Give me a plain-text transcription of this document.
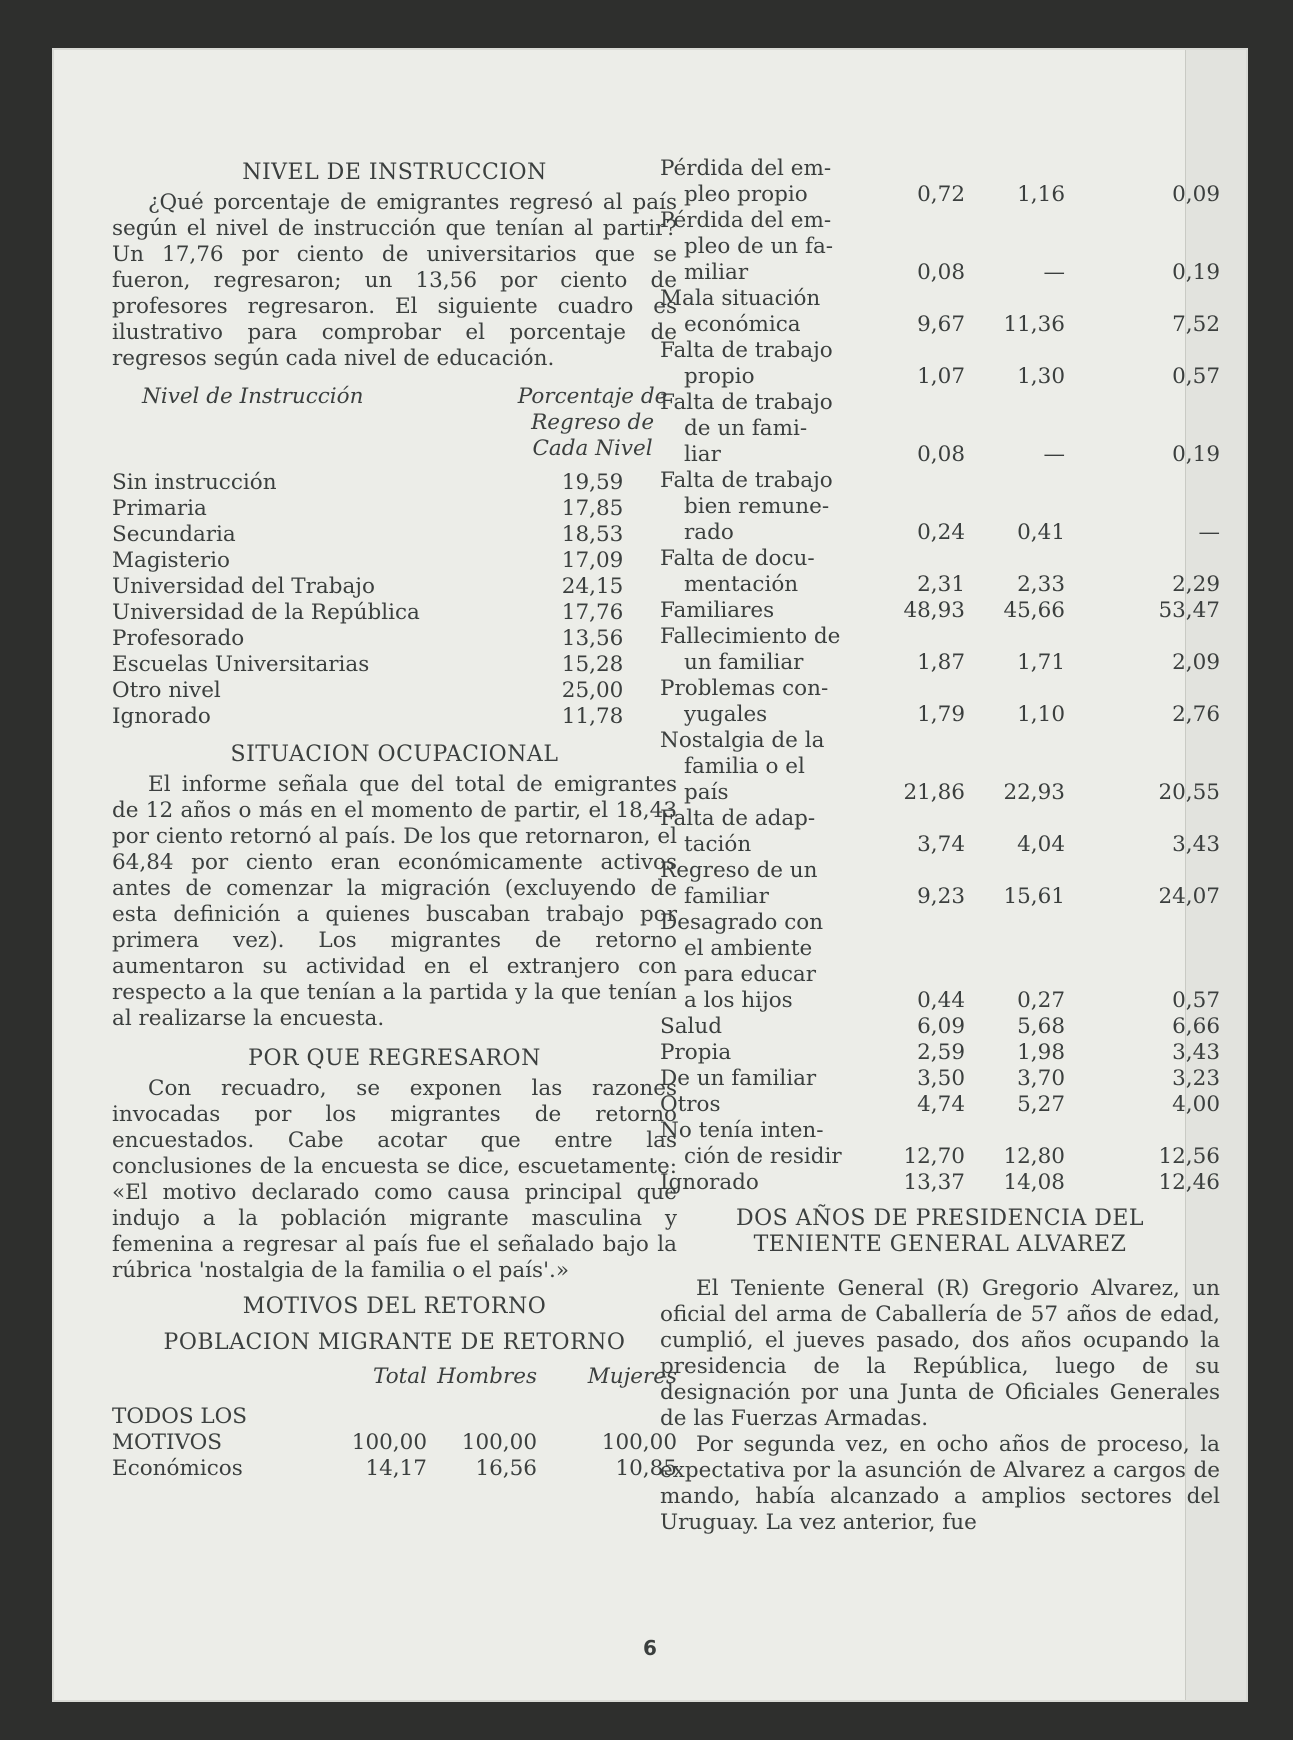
NIVEL DE INSTRUCCION

¿Qué porcentaje de emigrantes regresó al país según el nivel de instrucción que tenían al partir? Un 17,76 por ciento de universitarios que se fueron, regresaron; un 13,56 por ciento de profesores regresaron. El siguiente cuadro es ilustrativo para comprobar el porcentaje de regresos según cada nivel de educación.

Nivel de Instrucción	Porcentaje de
Regreso de
Cada Nivel

Sin instrucción	19,59
Primaria	17,85
Secundaria	18,53
Magisterio	17,09
Universidad del Trabajo	24,15
Universidad de la República	17,76
Profesorado	13,56
Escuelas Universitarias	15,28
Otro nivel	25,00
Ignorado	11,78
SITUACION OCUPACIONAL

El informe señala que del total de emigrantes de 12 años o más en el momento de partir, el 18,43 por ciento retornó al país. De los que retornaron, el 64,84 por ciento eran económicamente activos antes de comenzar la migración (excluyendo de esta definición a quienes buscaban trabajo por primera vez). Los migrantes de retorno aumentaron su actividad en el extranjero con respecto a la que tenían a la partida y la que tenían al realizarse la encuesta.

POR QUE REGRESARON

Con recuadro, se exponen las razones invocadas por los migrantes de retorno encuestados. Cabe acotar que entre las conclusiones de la encuesta se dice, escuetamente: «El motivo declarado como causa principal que indujo a la población migrante masculina y femenina a regresar al país fue el señalado bajo la rúbrica 'nostalgia de la familia o el país'.»

MOTIVOS DEL RETORNO
POBLACION MIGRANTE DE RETORNO
	Total	Hombres	Mujeres

TODOS LOS
MOTIVOS	100,00	100,00	100,00

Económicos	14,17	16,56	10,85
Pérdida del em-
pleo propio	0,72	1,16	0,09

Pérdida del em-
pleo de un fa-
miliar	0,08	—	0,19

Mala situación
económica	9,67	11,36	7,52

Falta de trabajo
propio	1,07	1,30	0,57

Falta de trabajo
de un fami-
liar	0,08	—	0,19

Falta de trabajo
bien remune-
rado	0,24	0,41	—

Falta de docu-
mentación	2,31	2,33	2,29

Familiares	48,93	45,66	53,47

Fallecimiento de
un familiar	1,87	1,71	2,09

Problemas con-
yugales	1,79	1,10	2,76

Nostalgia de la
familia o el
país	21,86	22,93	20,55

Falta de adap-
tación	3,74	4,04	3,43

Regreso de un
familiar	9,23	15,61	24,07

Desagrado con
el ambiente
para educar
a los hijos	0,44	0,27	0,57

Salud	6,09	5,68	6,66

Propia	2,59	1,98	3,43

De un familiar	3,50	3,70	3,23

Otros	4,74	5,27	4,00

No tenía inten-
ción de residir	12,70	12,80	12,56

Ignorado	13,37	14,08	12,46
DOS AÑOS DE PRESIDENCIA DEL
TENIENTE GENERAL ALVAREZ

El Teniente General (R) Gregorio Alvarez, un oficial del arma de Caballería de 57 años de edad, cumplió, el jueves pasado, dos años ocupando la presidencia de la República, luego de su designación por una Junta de Oficiales Generales de las Fuerzas Armadas.

Por segunda vez, en ocho años de proceso, la expectativa por la asunción de Alvarez a cargos de mando, había alcanzado a amplios sectores del Uruguay. La vez anterior, fue

6
